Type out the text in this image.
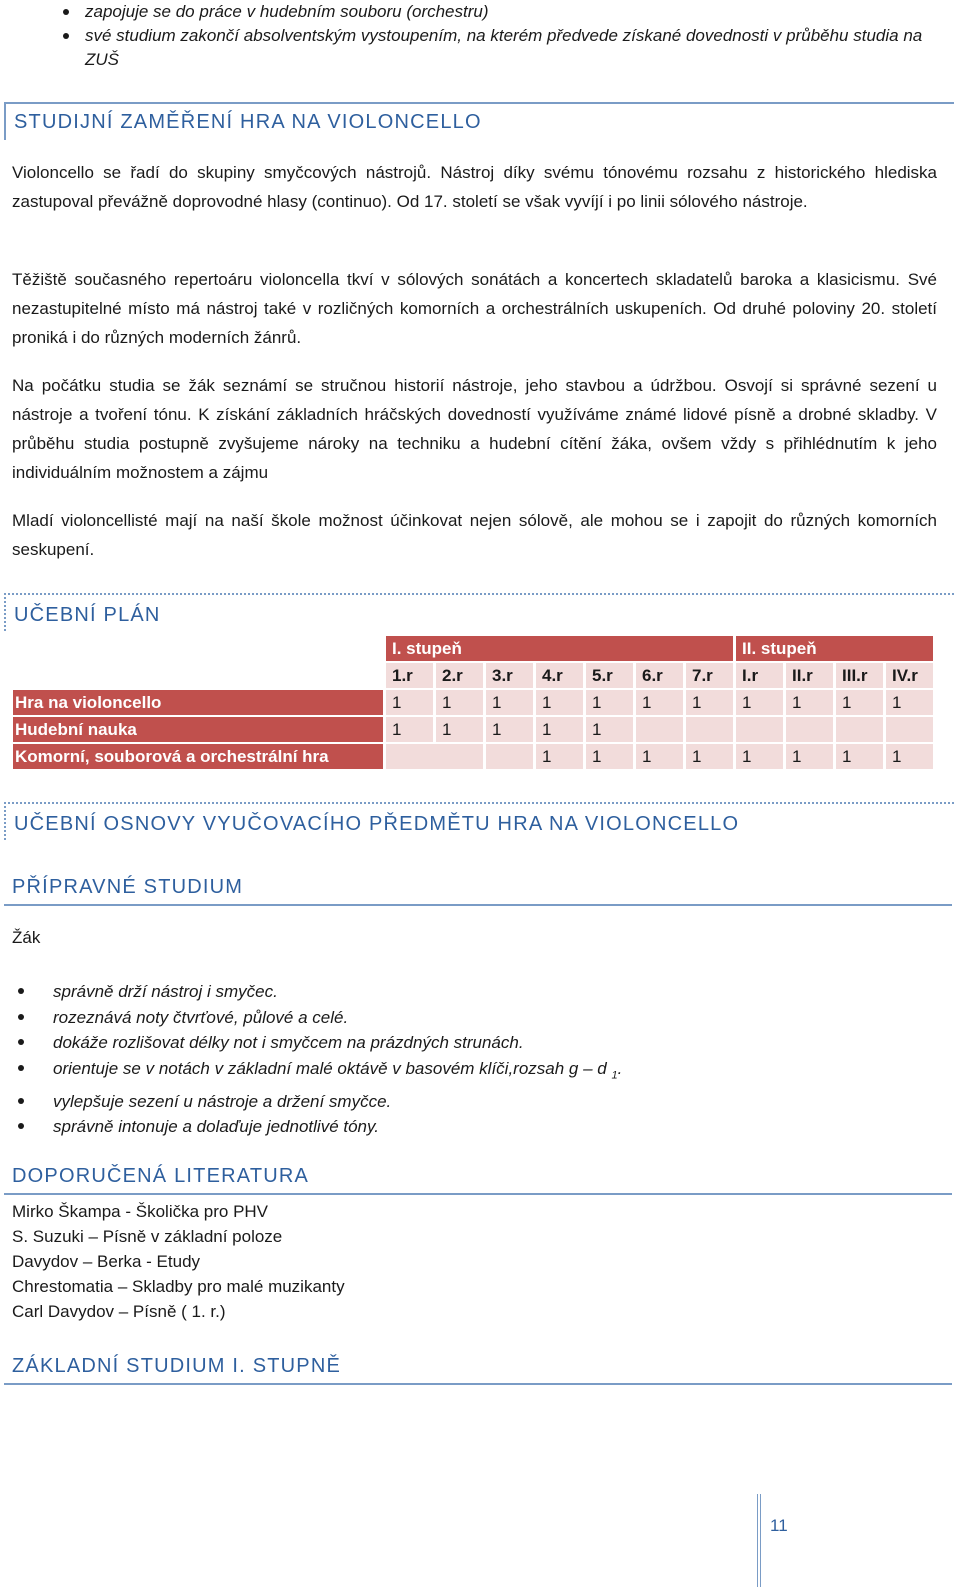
zapojuje se do práce v hudebním souboru (orchestru)
své studium zakončí absolventským vystoupením, na kterém předvede získané dovednosti v průběhu studia na ZUŠ
STUDIJNÍ ZAMĚŘENÍ HRA NA VIOLONCELLO
Violoncello se řadí do skupiny smyčcových nástrojů. Nástroj díky svému tónovému rozsahu z historického hlediska zastupoval převážně doprovodné hlasy (continuo). Od 17. století se však vyvíjí i po linii sólového nástroje.
Těžiště současného repertoáru violoncella tkví v sólových sonátách a koncertech skladatelů baroka a klasicismu. Své nezastupitelné místo má nástroj také v rozličných komorních a orchestrálních uskupeních. Od druhé poloviny 20. století proniká i do různých moderních žánrů.
Na počátku studia se žák seznámí se stručnou historií nástroje, jeho stavbou a údržbou. Osvojí si správné sezení u nástroje a tvoření tónu. K získání základních hráčských dovedností využíváme známé lidové písně a drobné skladby. V průběhu studia postupně zvyšujeme nároky na techniku a hudební cítění žáka, ovšem vždy s přihlédnutím k jeho individuálním možnostem a zájmu
Mladí violoncellisté mají na naší škole možnost účinkovat nejen sólově, ale mohou se i zapojit do různých komorních seskupení.
UČEBNÍ PLÁN
	I. stupeň							II. stupeň			
	1.r	2.r	3.r	4.r	5.r	6.r	7.r	I.r	II.r	III.r	IV.r
Hra na violoncello	1	1	1	1	1	1	1	1	1	1	1
Hudební nauka	1	1	1	1	1						
Komorní, souborová a orchestrální hra				1	1	1	1	1	1	1	1
UČEBNÍ OSNOVY VYUČOVACÍHO PŘEDMĚTU HRA NA VIOLONCELLO
PŘÍPRAVNÉ STUDIUM
Žák
správně drží nástroj i smyčec.
rozeznává noty čtvrťové, půlové a celé.
dokáže rozlišovat délky not i smyčcem na prázdných strunách.
orientuje se v notách v základní malé oktávě v basovém klíči,rozsah g – d $_1$.
vylepšuje sezení u nástroje a držení smyčce.
správně intonuje a dolaďuje jednotlivé tóny.
DOPORUČENÁ LITERATURA
Mirko Škampa - Školička pro PHV
S. Suzuki – Písně v základní poloze
Davydov – Berka - Etudy
Chrestomatia – Skladby pro malé muzikanty
Carl Davydov – Písně ( 1. r.)
ZÁKLADNÍ STUDIUM I. STUPNĚ
11
